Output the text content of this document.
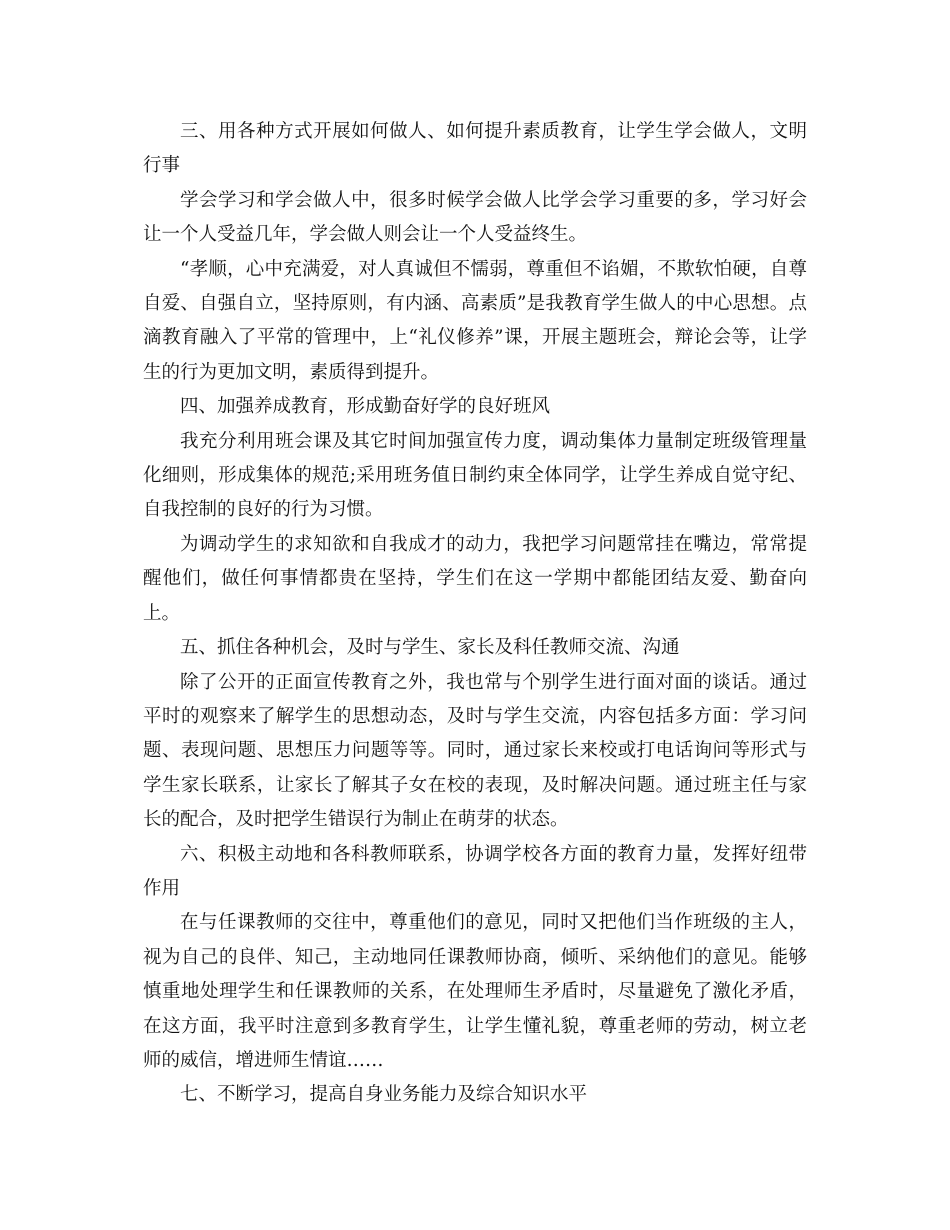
三、用各种方式开展如何做人、如何提升素质教育，让学生学会做人，文明行事

学会学习和学会做人中，很多时候学会做人比学会学习重要的多，学习好会让一个人受益几年，学会做人则会让一个人受益终生。

“孝顺，心中充满爱，对人真诚但不懦弱，尊重但不谄媚，不欺软怕硬，自尊自爱、自强自立，坚持原则，有内涵、高素质”是我教育学生做人的中心思想。点滴教育融入了平常的管理中，上“礼仪修养”课，开展主题班会，辩论会等，让学生的行为更加文明，素质得到提升。

四、加强养成教育，形成勤奋好学的良好班风

我充分利用班会课及其它时间加强宣传力度，调动集体力量制定班级管理量化细则，形成集体的规范;采用班务值日制约束全体同学，让学生养成自觉守纪、自我控制的良好的行为习惯。

为调动学生的求知欲和自我成才的动力，我把学习问题常挂在嘴边，常常提醒他们，做任何事情都贵在坚持，学生们在这一学期中都能团结友爱、勤奋向上。

五、抓住各种机会，及时与学生、家长及科任教师交流、沟通

除了公开的正面宣传教育之外，我也常与个别学生进行面对面的谈话。通过平时的观察来了解学生的思想动态，及时与学生交流，内容包括多方面：学习问题、表现问题、思想压力问题等等。同时，通过家长来校或打电话询问等形式与学生家长联系，让家长了解其子女在校的表现，及时解决问题。通过班主任与家长的配合，及时把学生错误行为制止在萌芽的状态。

六、积极主动地和各科教师联系，协调学校各方面的教育力量，发挥好纽带作用

在与任课教师的交往中，尊重他们的意见，同时又把他们当作班级的主人，视为自己的良伴、知己，主动地同任课教师协商，倾听、采纳他们的意见。能够慎重地处理学生和任课教师的关系，在处理师生矛盾时，尽量避免了激化矛盾，在这方面，我平时注意到多教育学生，让学生懂礼貌，尊重老师的劳动，树立老师的威信，增进师生情谊……

七、不断学习，提高自身业务能力及综合知识水平
